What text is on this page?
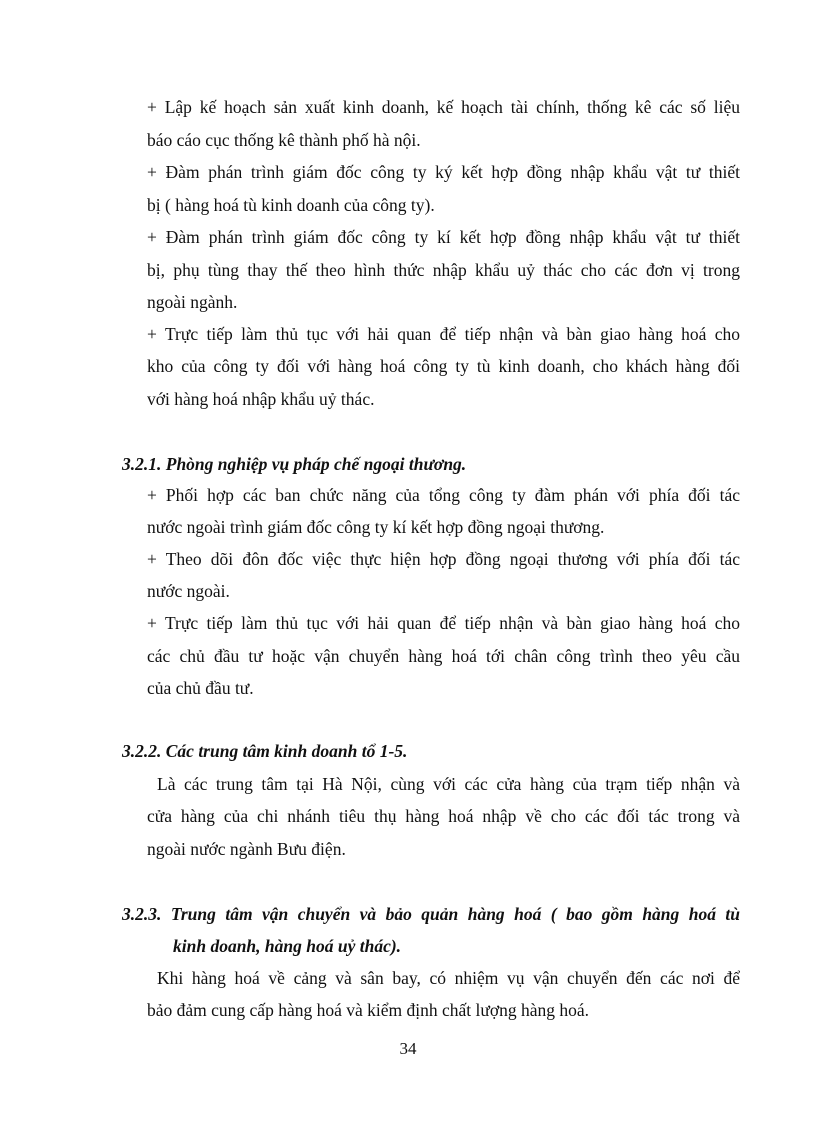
+ Lập kế hoạch sản xuất kinh doanh, kế hoạch tài chính, thống kê các số liệu
báo cáo cục thống kê thành phố hà nội.
+ Đàm phán trình giám đốc công ty ký kết hợp đồng nhập khẩu vật tư thiết
bị ( hàng hoá tù kinh doanh của công ty).
+ Đàm phán trình giám đốc công ty kí kết hợp đồng nhập khẩu vật tư thiết
bị, phụ tùng thay thế theo hình thức nhập khẩu uỷ thác cho các đơn vị trong
ngoài ngành.
+ Trực tiếp làm thủ tục với hải quan để tiếp nhận và bàn giao hàng hoá cho
kho của công ty đối với hàng hoá công ty tù kinh doanh, cho khách hàng đối
với hàng hoá nhập khẩu uỷ thác.
3.2.1. Phòng nghiệp vụ pháp chế ngoại thương.
+ Phối hợp các ban chức năng của tổng công ty đàm phán với phía đối tác
nước ngoài trình giám đốc công ty kí kết hợp đồng ngoại thương.
+ Theo dõi đôn đốc việc thực hiện hợp đồng ngoại thương với phía đối tác
nước ngoài.
+ Trực tiếp làm thủ tục với hải quan để tiếp nhận và bàn giao hàng hoá cho
các chủ đầu tư hoặc vận chuyển hàng hoá tới chân công trình theo yêu cầu
của chủ đầu tư.
3.2.2. Các trung tâm kinh doanh tổ 1-5.
Là các trung tâm tại Hà Nội, cùng với các cửa hàng của trạm tiếp nhận và
cửa hàng của chi nhánh tiêu thụ hàng hoá nhập về cho các đối tác trong và
ngoài nước ngành Bưu điện.
3.2.3. Trung tâm vận chuyển và bảo quản hàng hoá ( bao gồm hàng hoá tù
kinh doanh, hàng hoá uỷ thác).
Khi hàng hoá về cảng và sân bay, có nhiệm vụ vận chuyển đến các nơi để
bảo đảm cung cấp hàng hoá và kiểm định chất lượng hàng hoá.
34
